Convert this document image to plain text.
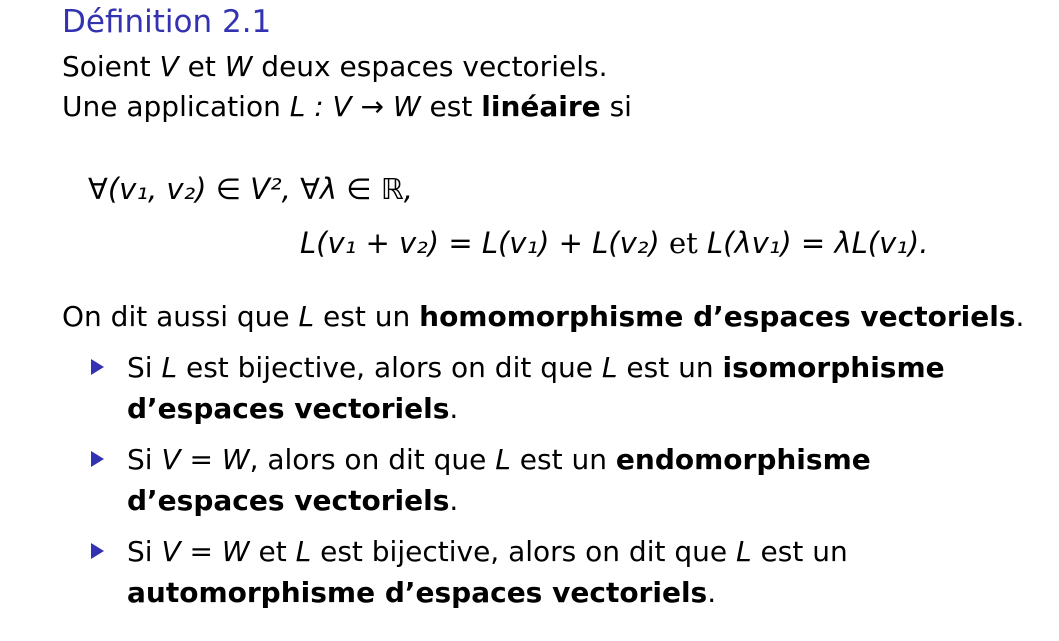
Définition 2.1
Soient V et W deux espaces vectoriels.
Une application L : V → W est linéaire si
∀(v₁, v₂) ∈ V², ∀λ ∈ ℝ,
L(v₁ + v₂) = L(v₁) + L(v₂) et L(λv₁) = λL(v₁).
On dit aussi que L est un homomorphisme d’espaces vectoriels.
Si L est bijective, alors on dit que L est un isomorphisme
d’espaces vectoriels.
Si V = W, alors on dit que L est un endomorphisme
d’espaces vectoriels.
Si V = W et L est bijective, alors on dit que L est un
automorphisme d’espaces vectoriels.
